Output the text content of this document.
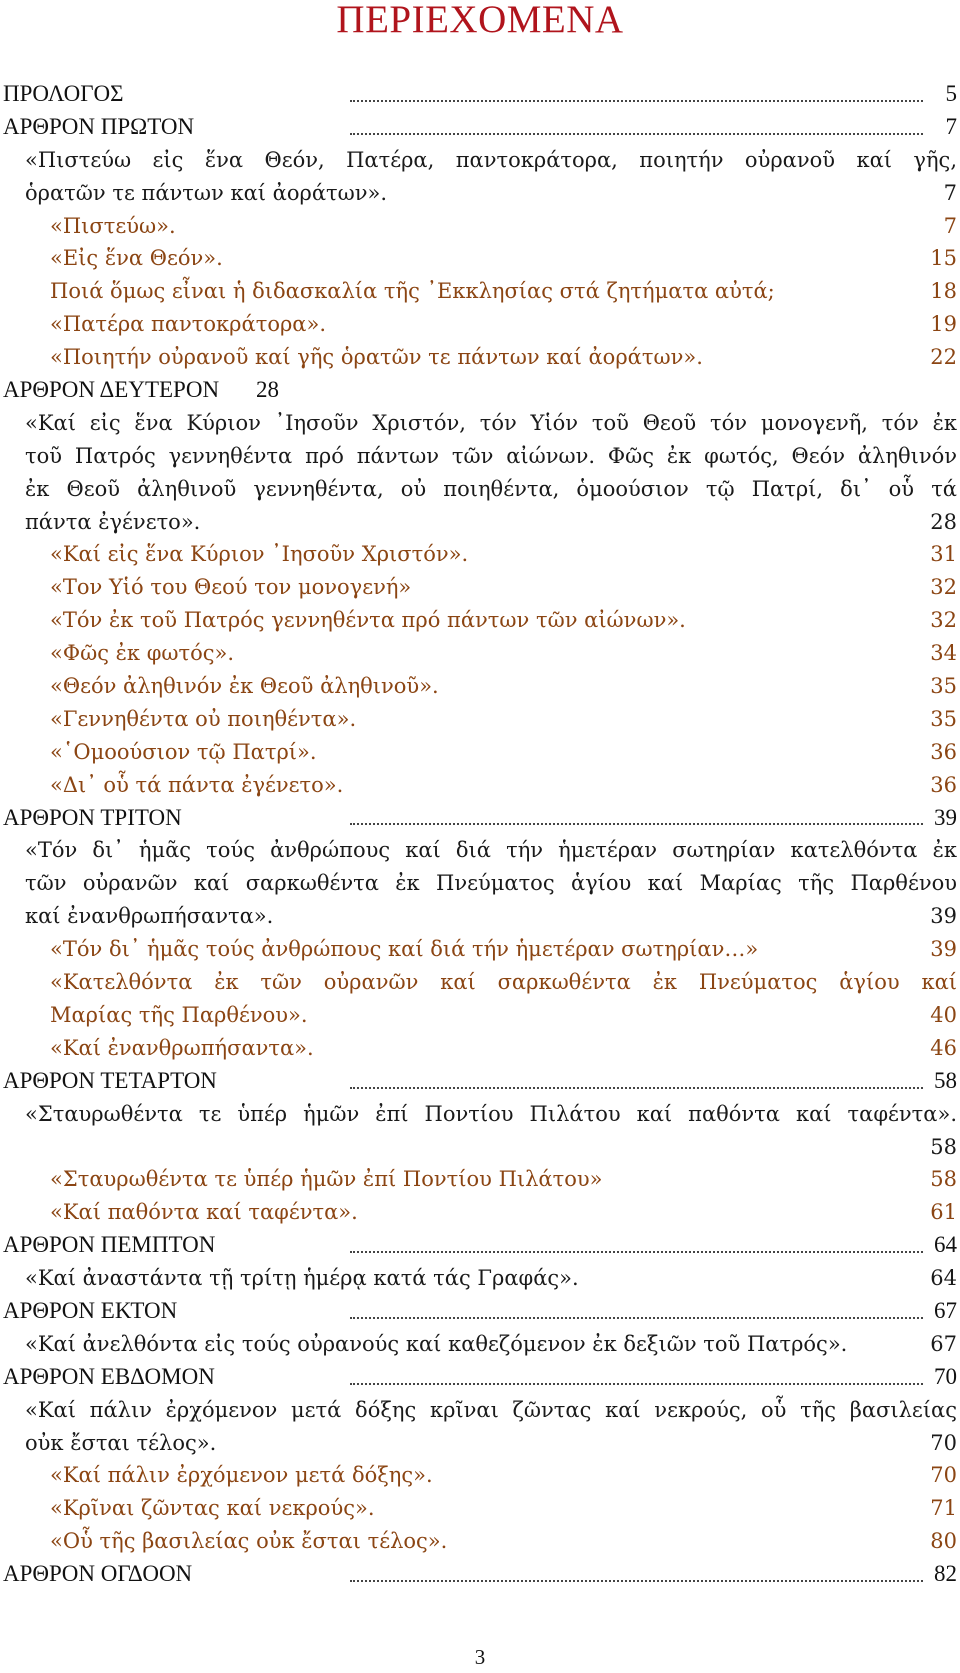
ΠΕΡΙΕΧΟΜΕΝΑ
ΠΡΟΛΟΓΟΣ	5
ΑΡΘΡΟΝ ΠΡΩΤΟΝ	7
«Πιστεύω εἰς ἕνα Θεόν, Πατέρα, παντοκράτορα, ποιητήν οὐρανοῦ καί γῆς,
ὁρατῶν τε πάντων καί ἀοράτων».	7
«Πιστεύω».	7
«Εἰς ἕνα Θεόν».	15
Ποιά ὅμως εἶναι ἡ διδασκαλία τῆς ᾽Εκκλησίας στά ζητήματα αὐτά;	18
«Πατέρα παντοκράτορα».	19
«Ποιητήν οὐρανοῦ καί γῆς ὁρατῶν τε πάντων καί ἀοράτων».	22
ΑΡΘΡΟΝ ΔΕΥΤΕΡΟΝ 28
«Καί εἰς ἕνα Κύριον ᾽Ιησοῦν Χριστόν, τόν Υἱόν τοῦ Θεοῦ τόν μονογενῆ, τόν ἐκ
τοῦ Πατρός γεννηθέντα πρό πάντων τῶν αἰώνων. Φῶς ἐκ φωτός, Θεόν ἀληθινόν
ἐκ Θεοῦ ἀληθινοῦ γεννηθέντα, οὐ ποιηθέντα, ὁμοούσιον τῷ Πατρί, δι᾽ οὗ τά
πάντα ἐγένετο».	28
«Καί εἰς ἕνα Κύριον ᾽Ιησοῦν Χριστόν».	31
«Τον Υἱό του Θεού τον μονογενή»	32
«Τόν ἐκ τοῦ Πατρός γεννηθέντα πρό πάντων τῶν αἰώνων».	32
«Φῶς ἐκ φωτός».	34
«Θεόν ἀληθινόν ἐκ Θεοῦ ἀληθινοῦ».	35
«Γεννηθέντα οὐ ποιηθέντα».	35
«῾Ομοούσιον τῷ Πατρί».	36
«Δι᾽ οὗ τά πάντα ἐγένετο».	36
ΑΡΘΡΟΝ ΤΡΙΤΟΝ	39
«Τόν δι᾽ ἡμᾶς τούς ἀνθρώπους καί διά τήν ἡμετέραν σωτηρίαν κατελθόντα ἐκ
τῶν οὐρανῶν καί σαρκωθέντα ἐκ Πνεύματος ἁγίου καί Μαρίας τῆς Παρθένου
καί ἐνανθρωπήσαντα».	39
«Τόν δι᾽ ἡμᾶς τούς ἀνθρώπους καί διά τήν ἡμετέραν σωτηρίαν…»	39
«Κατελθόντα ἐκ τῶν οὐρανῶν καί σαρκωθέντα ἐκ Πνεύματος ἁγίου καί
Μαρίας τῆς Παρθένου».	40
«Καί ἐνανθρωπήσαντα».	46
ΑΡΘΡΟΝ ΤΕΤΑΡΤΟΝ	58
«Σταυρωθέντα τε ὑπέρ ἡμῶν ἐπί Ποντίου Πιλάτου καί παθόντα καί ταφέντα».
58
«Σταυρωθέντα τε ὑπέρ ἡμῶν ἐπί Ποντίου Πιλάτου»	58
«Καί παθόντα καί ταφέντα».	61
ΑΡΘΡΟΝ ΠΕΜΠΤΟΝ	64
«Καί ἀναστάντα τῇ τρίτῃ ἡμέρᾳ κατά τάς Γραφάς».	64
ΑΡΘΡΟΝ ΕΚΤΟΝ	67
«Καί ἀνελθόντα εἰς τούς οὐρανούς καί καθεζόμενον ἐκ δεξιῶν τοῦ Πατρός».	67
ΑΡΘΡΟΝ ΕΒΔΟΜΟΝ	70
«Καί πάλιν ἐρχόμενον μετά δόξης κρῖναι ζῶντας καί νεκρούς, οὗ τῆς βασιλείας
οὐκ ἔσται τέλος».	70
«Καί πάλιν ἐρχόμενον μετά δόξης».	70
«Κρῖναι ζῶντας καί νεκρούς».	71
«Οὗ τῆς βασιλείας οὐκ ἔσται τέλος».	80
ΑΡΘΡΟΝ ΟΓΔΟΟΝ	82
3
